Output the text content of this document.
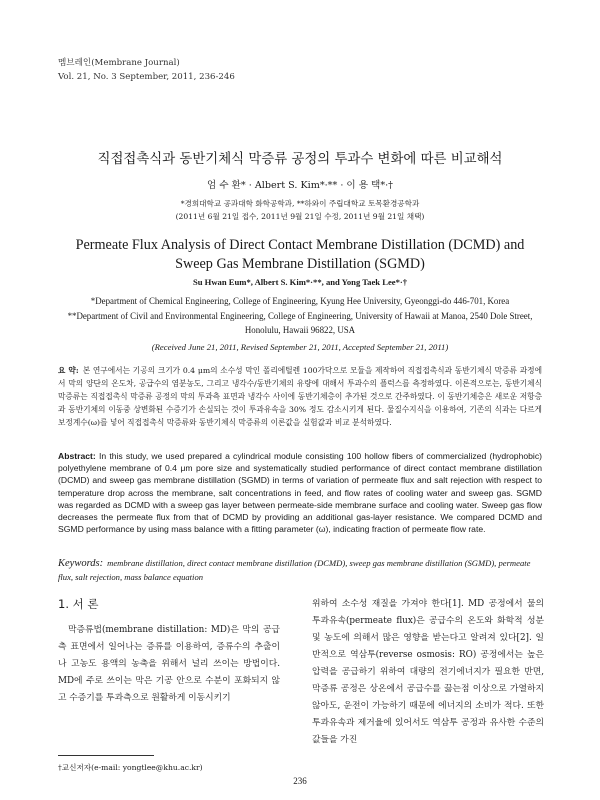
멤브레인(Membrane Journal)
Vol. 21, No. 3 September, 2011, 236-246
직접접촉식과 동반기체식 막증류 공정의 투과수 변화에 따른 비교해석
엄 수 환* · Albert S. Kim*·** · 이 용 택*·†
*경희대학교 공과대학 화학공학과, **하와이 주립대학교 토목환경공학과
(2011년 6월 21일 접수, 2011년 9월 21일 수정, 2011년 9월 21일 채택)
Permeate Flux Analysis of Direct Contact Membrane Distillation (DCMD) and Sweep Gas Membrane Distillation (SGMD)
Su Hwan Eum*, Albert S. Kim*·**, and Yong Taek Lee*·†
*Department of Chemical Engineering, College of Engineering, Kyung Hee University, Gyeonggi-do 446-701, Korea
**Department of Civil and Environmental Engineering, College of Engineering, University of Hawaii at Manoa, 2540 Dole Street, Honolulu, Hawaii 96822, USA
(Received June 21, 2011, Revised September 21, 2011, Accepted September 21, 2011)
요 약: 본 연구에서는 기공의 크기가 0.4 μm의 소수성 막인 폴리에틸렌 100가닥으로 모듈을 제작하여 직접접촉식과 동반기체식 막증류 과정에서 막의 양단의 온도차, 공급수의 염분농도, 그리고 냉각수/동반기체의 유량에 대해서 투과수의 플럭스를 측정하였다. 이론적으로는, 동반기체식 막증류는 직접접촉식 막증류 공정의 막의 투과측 표면과 냉각수 사이에 동반기체층이 추가된 것으로 간주하였다. 이 동반기체층은 새로운 저항층과 동반기체의 이동중 상변화된 수증기가 손실되는 것이 투과유속을 30% 정도 감소시키게 된다. 물질수지식을 이용하여, 기존의 식과는 다르게 보정계수(ω)를 넣어 직접접촉식 막증류와 동반기체식 막증류의 이론값을 실험값과 비교 분석하였다.
Abstract: In this study, we used prepared a cylindrical module consisting 100 hollow fibers of commercialized (hydrophobic) polyethylene membrane of 0.4 μm pore size and systematically studied performance of direct contact membrane distillation (DCMD) and sweep gas membrane distillation (SGMD) in terms of variation of permeate flux and salt rejection with respect to temperature drop across the membrane, salt concentrations in feed, and flow rates of cooling water and sweep gas. SGMD was regarded as DCMD with a sweep gas layer between permeate-side membrane surface and cooling water. Sweep gas flow decreases the permeate flux from that of DCMD by providing an additional gas-layer resistance. We compared DCMD and SGMD performance by using mass balance with a fitting parameter (ω), indicating fraction of permeate flow rate.
Keywords: membrane distillation, direct contact membrane distillation (DCMD), sweep gas membrane distillation (SGMD), permeate flux, salt rejection, mass balance equation
1. 서 론

막증류법(membrane distillation: MD)은 막의 공급측 표면에서 일어나는 증류를 이용하여, 증류수의 추출이나 고농도 용액의 농축을 위해서 널리 쓰이는 방법이다. MD에 주로 쓰이는 막은 기공 안으로 수분이 포화되지 않고 수증기를 투과측으로 원활하게 이동시키기

위하여 소수성 재질을 가져야 한다[1]. MD 공정에서 물의 투과유속(permeate flux)은 공급수의 온도와 화학적 성분 및 농도에 의해서 많은 영향을 받는다고 알려져 있다[2]. 일반적으로 역삼투(reverse osmosis: RO) 공정에서는 높은 압력을 공급하기 위하여 대량의 전기에너지가 필요한 반면, 막증류 공정은 상온에서 공급수를 끓는점 이상으로 가열하지 않아도, 운전이 가능하기 때문에 에너지의 소비가 적다. 또한 투과유속과 제거율에 있어서도 역삼투 공정과 유사한 수준의 값들을 가진

†교신저자(e-mail: yongtlee@khu.ac.kr)
236
